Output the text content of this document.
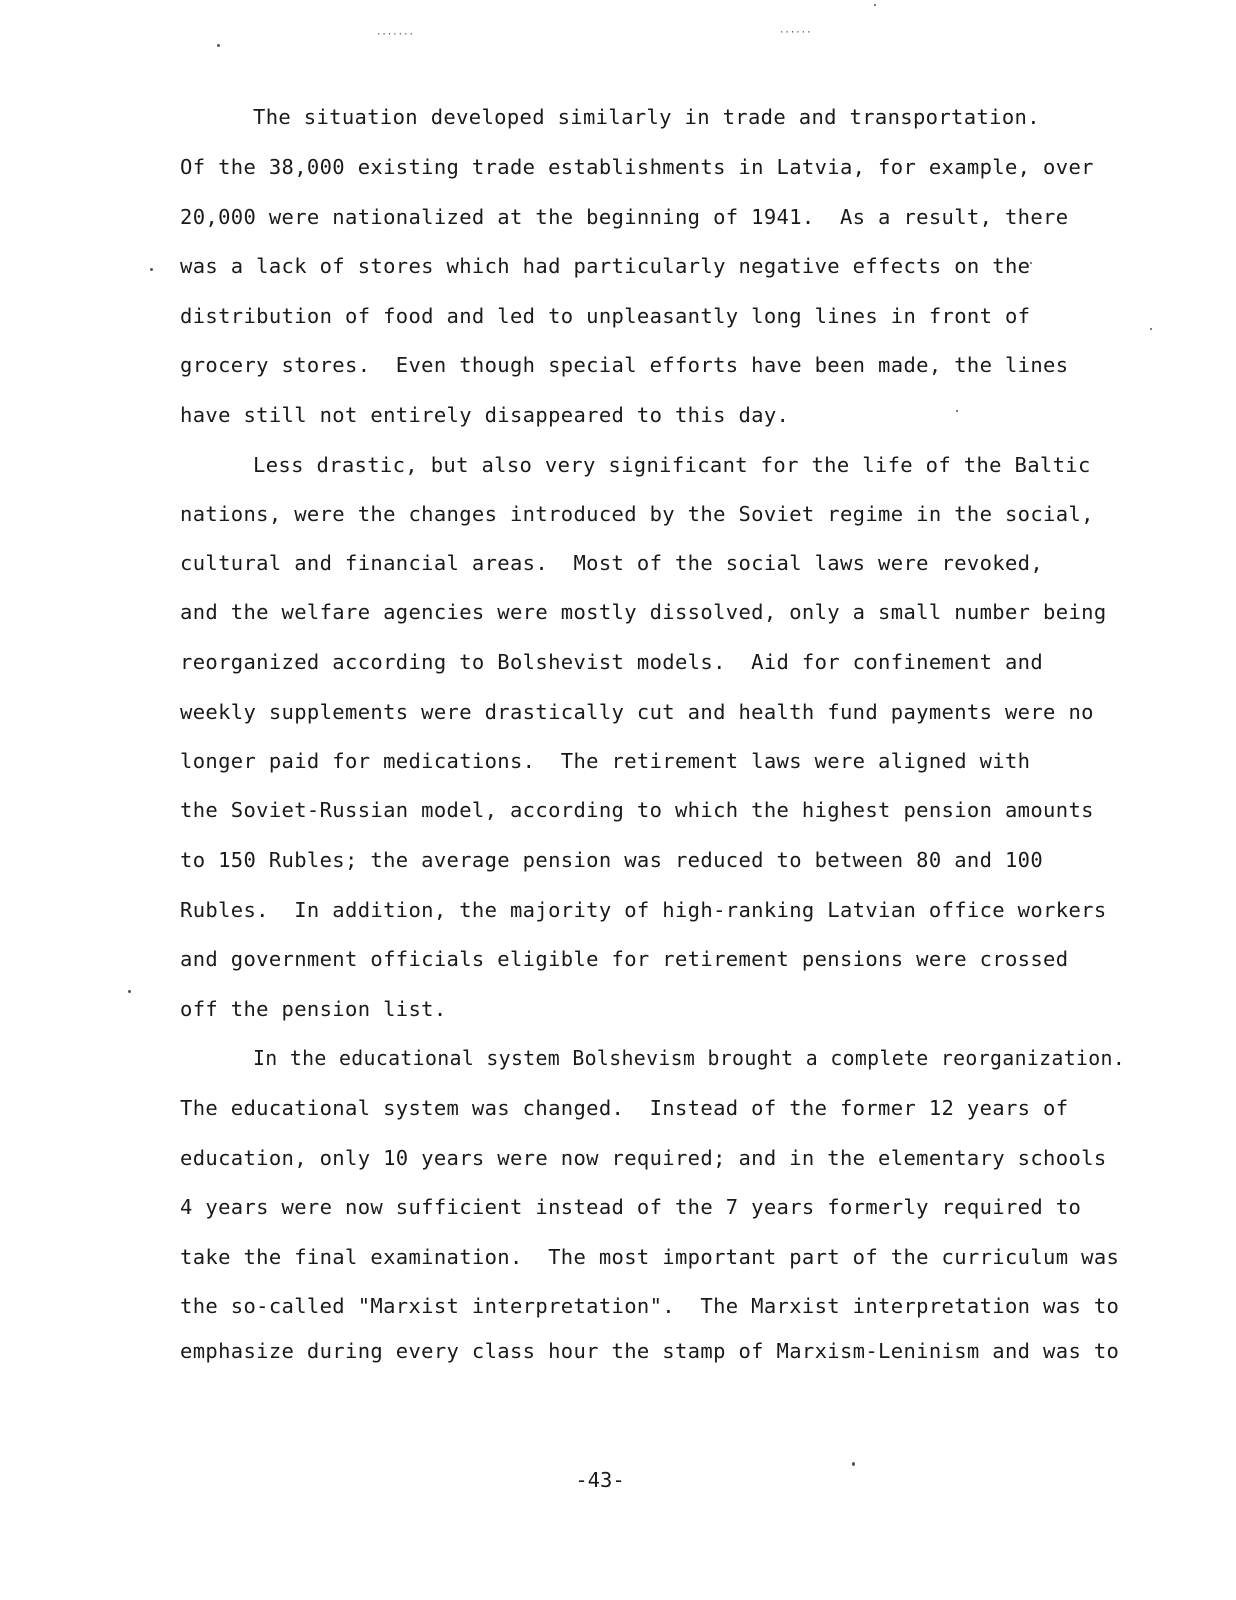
·······	······
The situation developed similarly in trade and transportation.
Of the 38,000 existing trade establishments in Latvia, for example, over
20,000 were nationalized at the beginning of 1941.  As a result, there
was a lack of stores which had particularly negative effects on the
distribution of food and led to unpleasantly long lines in front of
grocery stores.  Even though special efforts have been made, the lines
have still not entirely disappeared to this day.
Less drastic, but also very significant for the life of the Baltic
nations, were the changes introduced by the Soviet regime in the social,
cultural and financial areas.  Most of the social laws were revoked,
and the welfare agencies were mostly dissolved, only a small number being
reorganized according to Bolshevist models.  Aid for confinement and
weekly supplements were drastically cut and health fund payments were no
longer paid for medications.  The retirement laws were aligned with
the Soviet-Russian model, according to which the highest pension amounts
to 150 Rubles; the average pension was reduced to between 80 and 100
Rubles.  In addition, the majority of high-ranking Latvian office workers
and government officials eligible for retirement pensions were crossed
off the pension list.
In the educational system Bolshevism brought a complete reorganization.
The educational system was changed.  Instead of the former 12 years of
education, only 10 years were now required; and in the elementary schools
4 years were now sufficient instead of the 7 years formerly required to
take the final examination.  The most important part of the curriculum was
the so-called "Marxist interpretation".  The Marxist interpretation was to
emphasize during every class hour the stamp of Marxism-Leninism and was to
-43-
